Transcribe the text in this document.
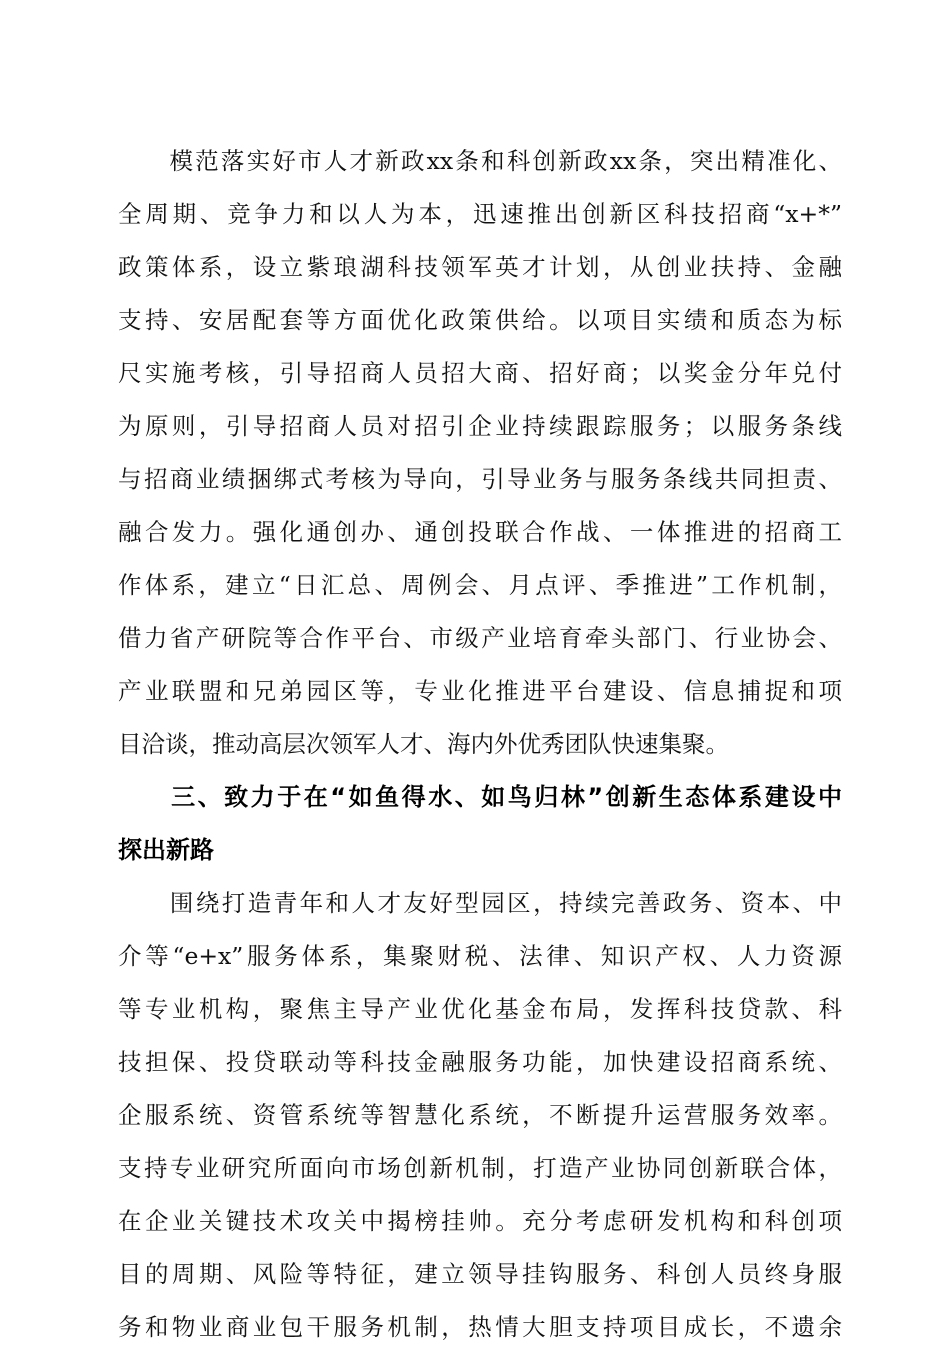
　　模范落实好市人才新政xx条和科创新政xx条，突出精准化、
全周期、竞争力和以人为本，迅速推出创新区科技招商“x+*”
政策体系，设立紫琅湖科技领军英才计划，从创业扶持、金融
支持、安居配套等方面优化政策供给。以项目实绩和质态为标
尺实施考核，引导招商人员招大商、招好商；以奖金分年兑付
为原则，引导招商人员对招引企业持续跟踪服务；以服务条线
与招商业绩捆绑式考核为导向，引导业务与服务条线共同担责、
融合发力。强化通创办、通创投联合作战、一体推进的招商工
作体系，建立“日汇总、周例会、月点评、季推进”工作机制，
借力省产研院等合作平台、市级产业培育牵头部门、行业协会、
产业联盟和兄弟园区等，专业化推进平台建设、信息捕捉和项
目洽谈，推动高层次领军人才、海内外优秀团队快速集聚。
　　三、致力于在“如鱼得水、如鸟归林”创新生态体系建设中
探出新路
　　围绕打造青年和人才友好型园区，持续完善政务、资本、中
介等“e+x”服务体系，集聚财税、法律、知识产权、人力资源
等专业机构，聚焦主导产业优化基金布局，发挥科技贷款、科
技担保、投贷联动等科技金融服务功能，加快建设招商系统、
企服系统、资管系统等智慧化系统，不断提升运营服务效率。
支持专业研究所面向市场创新机制，打造产业协同创新联合体，
在企业关键技术攻关中揭榜挂帅。充分考虑研发机构和科创项
目的周期、风险等特征，建立领导挂钩服务、科创人员终身服
务和物业商业包干服务机制，热情大胆支持项目成长，不遗余
